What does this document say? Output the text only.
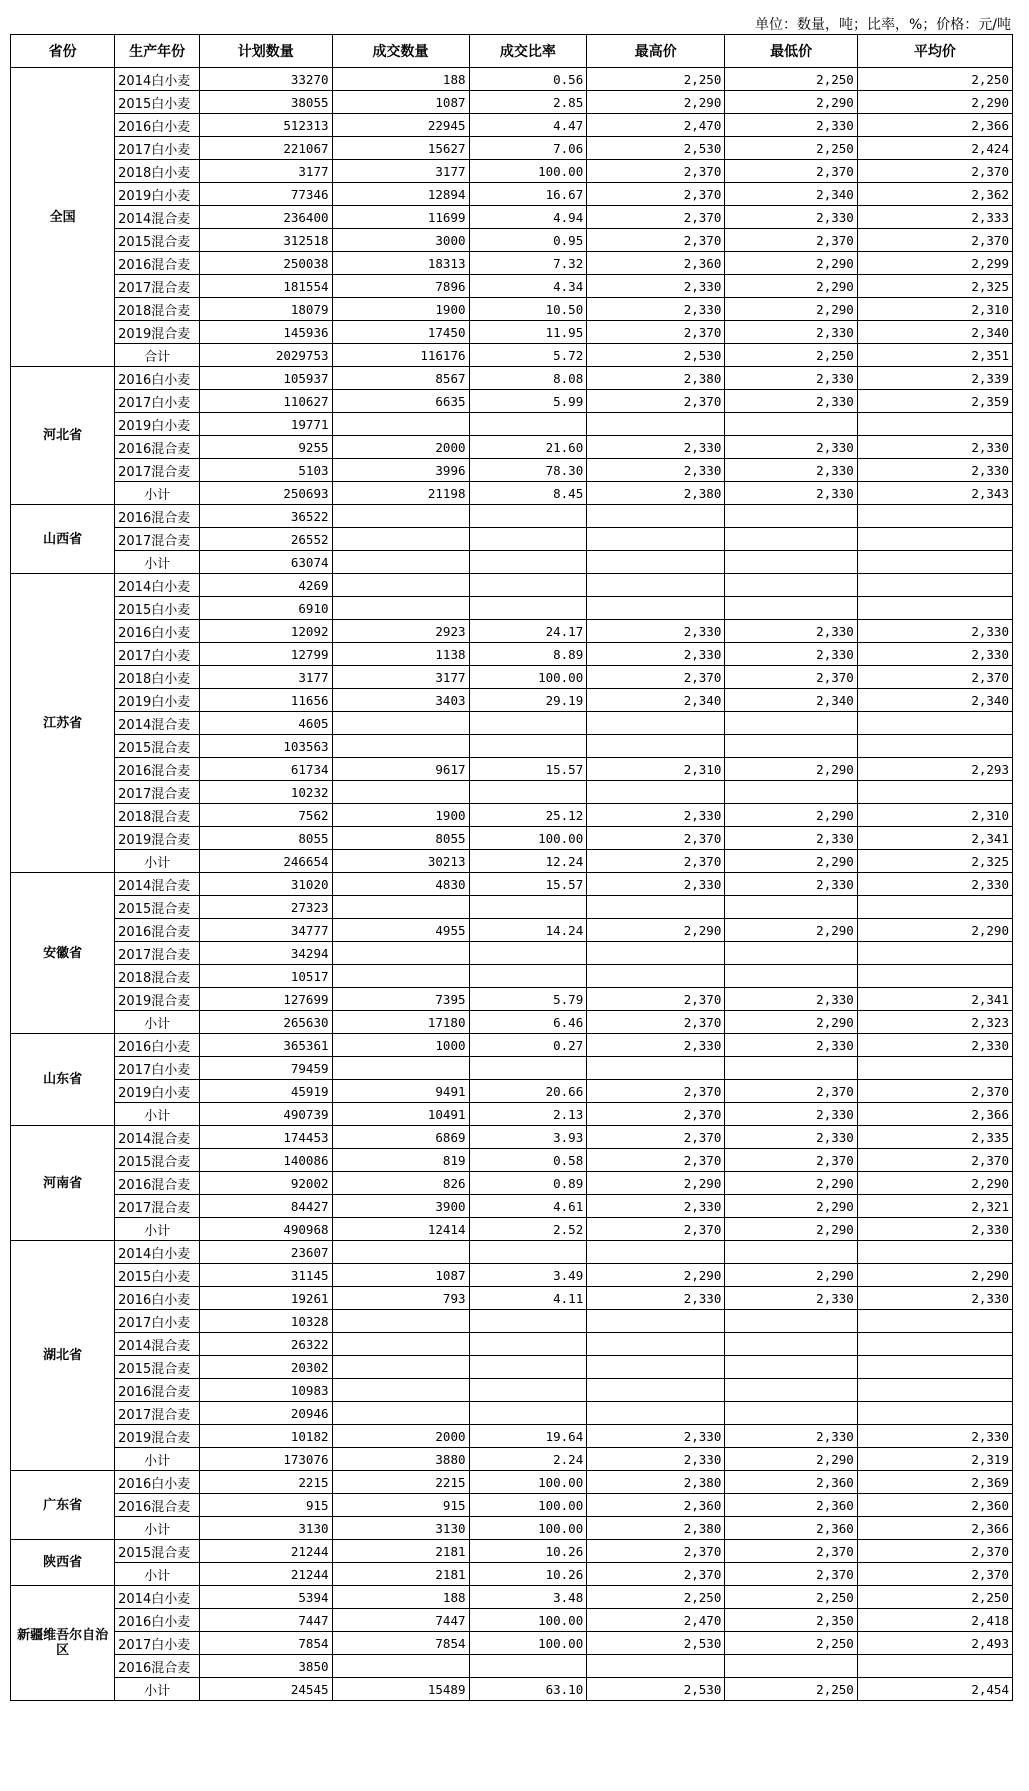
单位：数量，吨；比率，%；价格：元/吨
省份	生产年份	计划数量	成交数量	成交比率	最高价	最低价	平均价
全国	2014白小麦	33270	188	0.56	2,250	2,250	2,250
	2015白小麦	38055	1087	2.85	2,290	2,290	2,290
	2016白小麦	512313	22945	4.47	2,470	2,330	2,366
	2017白小麦	221067	15627	7.06	2,530	2,250	2,424
	2018白小麦	3177	3177	100.00	2,370	2,370	2,370
	2019白小麦	77346	12894	16.67	2,370	2,340	2,362
	2014混合麦	236400	11699	4.94	2,370	2,330	2,333
	2015混合麦	312518	3000	0.95	2,370	2,370	2,370
	2016混合麦	250038	18313	7.32	2,360	2,290	2,299
	2017混合麦	181554	7896	4.34	2,330	2,290	2,325
	2018混合麦	18079	1900	10.50	2,330	2,290	2,310
	2019混合麦	145936	17450	11.95	2,370	2,330	2,340
	合计	2029753	116176	5.72	2,530	2,250	2,351
河北省	2016白小麦	105937	8567	8.08	2,380	2,330	2,339
	2017白小麦	110627	6635	5.99	2,370	2,330	2,359
	2019白小麦	19771					
	2016混合麦	9255	2000	21.60	2,330	2,330	2,330
	2017混合麦	5103	3996	78.30	2,330	2,330	2,330
	小计	250693	21198	8.45	2,380	2,330	2,343
山西省	2016混合麦	36522					
	2017混合麦	26552					
	小计	63074					
江苏省	2014白小麦	4269					
	2015白小麦	6910					
	2016白小麦	12092	2923	24.17	2,330	2,330	2,330
	2017白小麦	12799	1138	8.89	2,330	2,330	2,330
	2018白小麦	3177	3177	100.00	2,370	2,370	2,370
	2019白小麦	11656	3403	29.19	2,340	2,340	2,340
	2014混合麦	4605					
	2015混合麦	103563					
	2016混合麦	61734	9617	15.57	2,310	2,290	2,293
	2017混合麦	10232					
	2018混合麦	7562	1900	25.12	2,330	2,290	2,310
	2019混合麦	8055	8055	100.00	2,370	2,330	2,341
	小计	246654	30213	12.24	2,370	2,290	2,325
安徽省	2014混合麦	31020	4830	15.57	2,330	2,330	2,330
	2015混合麦	27323					
	2016混合麦	34777	4955	14.24	2,290	2,290	2,290
	2017混合麦	34294					
	2018混合麦	10517					
	2019混合麦	127699	7395	5.79	2,370	2,330	2,341
	小计	265630	17180	6.46	2,370	2,290	2,323
山东省	2016白小麦	365361	1000	0.27	2,330	2,330	2,330
	2017白小麦	79459					
	2019白小麦	45919	9491	20.66	2,370	2,370	2,370
	小计	490739	10491	2.13	2,370	2,330	2,366
河南省	2014混合麦	174453	6869	3.93	2,370	2,330	2,335
	2015混合麦	140086	819	0.58	2,370	2,370	2,370
	2016混合麦	92002	826	0.89	2,290	2,290	2,290
	2017混合麦	84427	3900	4.61	2,330	2,290	2,321
	小计	490968	12414	2.52	2,370	2,290	2,330
湖北省	2014白小麦	23607					
	2015白小麦	31145	1087	3.49	2,290	2,290	2,290
	2016白小麦	19261	793	4.11	2,330	2,330	2,330
	2017白小麦	10328					
	2014混合麦	26322					
	2015混合麦	20302					
	2016混合麦	10983					
	2017混合麦	20946					
	2019混合麦	10182	2000	19.64	2,330	2,330	2,330
	小计	173076	3880	2.24	2,330	2,290	2,319
广东省	2016白小麦	2215	2215	100.00	2,380	2,360	2,369
	2016混合麦	915	915	100.00	2,360	2,360	2,360
	小计	3130	3130	100.00	2,380	2,360	2,366
陕西省	2015混合麦	21244	2181	10.26	2,370	2,370	2,370
	小计	21244	2181	10.26	2,370	2,370	2,370
新疆维吾尔自治区	2014白小麦	5394	188	3.48	2,250	2,250	2,250
	2016白小麦	7447	7447	100.00	2,470	2,350	2,418
	2017白小麦	7854	7854	100.00	2,530	2,250	2,493
	2016混合麦	3850					
	小计	24545	15489	63.10	2,530	2,250	2,454
